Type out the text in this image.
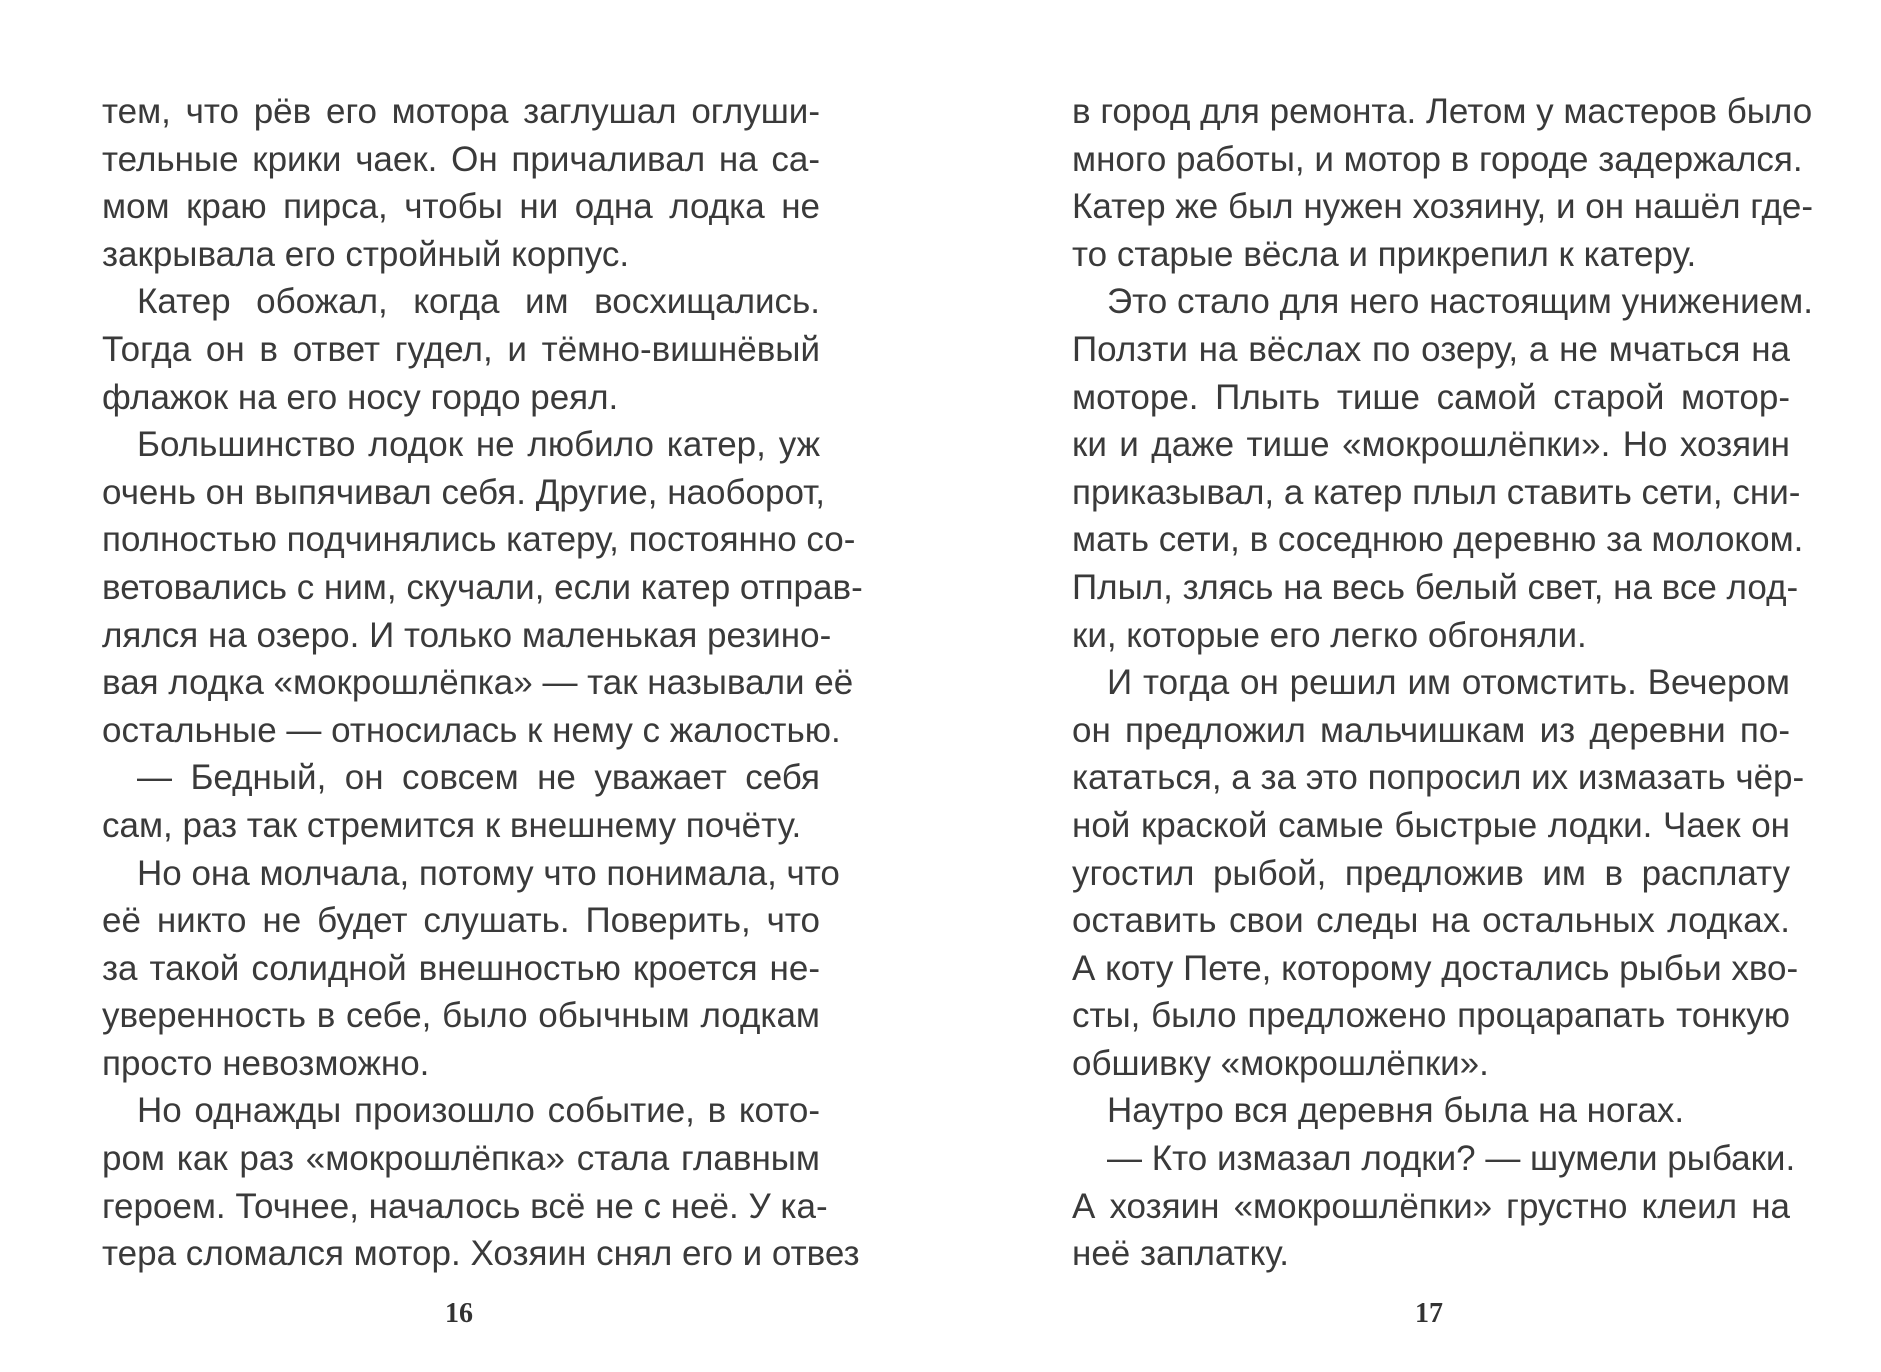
тем, что рёв его мотора заглушал оглуши-
тельные крики чаек. Он причаливал на са-
мом краю пирса, чтобы ни одна лодка не
закрывала его стройный корпус.
Катер обожал, когда им восхищались.
Тогда он в ответ гудел, и тёмно-вишнёвый
флажок на его носу гордо реял.
Большинство лодок не любило катер, уж
очень он выпячивал себя. Другие, наоборот,
полностью подчинялись катеру, постоянно со-
ветовались с ним, скучали, если катер отправ-
лялся на озеро. И только маленькая резино-
вая лодка «мокрошлёпка» — так называли её
остальные — относилась к нему с жалостью.
— Бедный, он совсем не уважает себя
сам, раз так стремится к внешнему почёту.
Но она молчала, потому что понимала, что
её никто не будет слушать. Поверить, что
за такой солидной внешностью кроется не-
уверенность в себе, было обычным лодкам
просто невозможно.
Но однажды произошло событие, в кото-
ром как раз «мокрошлёпка» стала главным
героем. Точнее, началось всё не с неё. У ка-
тера сломался мотор. Хозяин снял его и отвез
в город для ремонта. Летом у мастеров было
много работы, и мотор в городе задержался.
Катер же был нужен хозяину, и он нашёл где-
то старые вёсла и прикрепил к катеру.
Это стало для него настоящим унижением.
Ползти на вёслах по озеру, а не мчаться на
моторе. Плыть тише самой старой мотор-
ки и даже тише «мокрошлёпки». Но хозяин
приказывал, а катер плыл ставить сети, сни-
мать сети, в соседнюю деревню за молоком.
Плыл, злясь на весь белый свет, на все лод-
ки, которые его легко обгоняли.
И тогда он решил им отомстить. Вечером
он предложил мальчишкам из деревни по-
кататься, а за это попросил их измазать чёр-
ной краской самые быстрые лодки. Чаек он
угостил рыбой, предложив им в расплату
оставить свои следы на остальных лодках.
А коту Пете, которому достались рыбьи хво-
сты, было предложено процарапать тонкую
обшивку «мокрошлёпки».
Наутро вся деревня была на ногах.
— Кто измазал лодки? — шумели рыбаки.
А хозяин «мокрошлёпки» грустно клеил на
неё заплатку.
16	17
